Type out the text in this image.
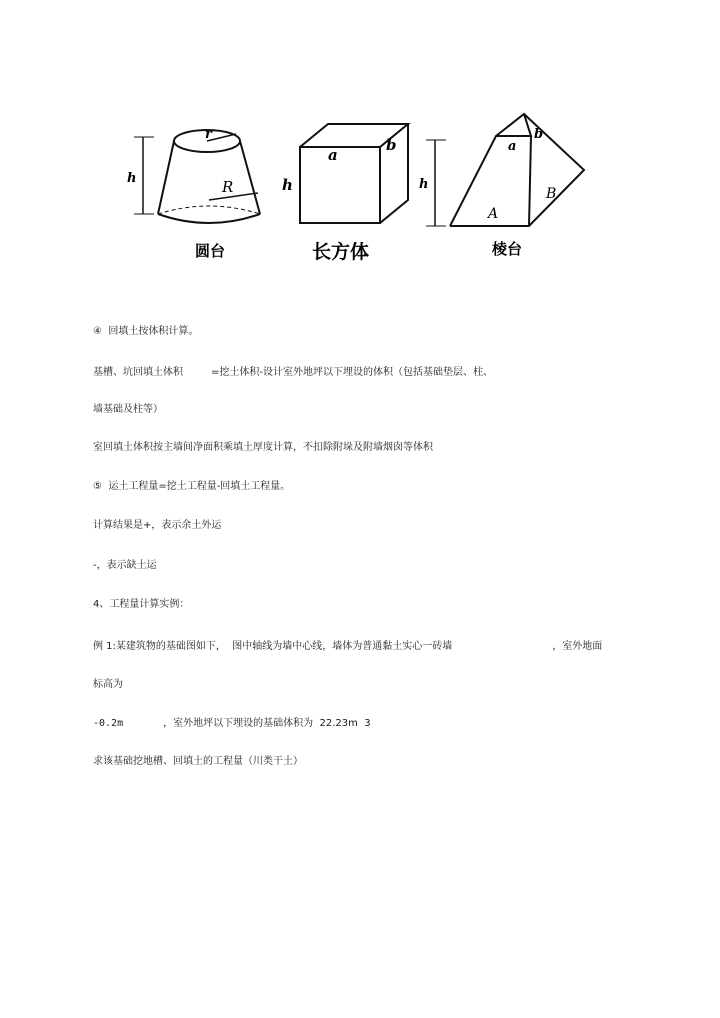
r
R
h
圆台
a
b
h
长方体
a
b
A
B
h
棱台
④  回填土按体积计算。
基槽、坑回填土体积	=挖土体积-设计室外地坪以下埋设的体积（包括基础垫层、柱、
墙基础及柱等）
室回填土体积按主墙间净面积乘填土厚度计算，不扣除附垛及附墙烟囱等体积
⑤  运土工程量=挖土工程量-回填土工程量。
计算结果是+，表示余土外运
-，表示缺土运
4、工程量计算实例：
例 1:某建筑物的基础图如下，  图中轴线为墙中心线，墙体为普通黏土实心一砖墙	，室外地面
标高为
-0.2m	，室外地坪以下埋设的基础体积为  22.23m  3
求该基础挖地槽、回填土的工程量（川类干土）
